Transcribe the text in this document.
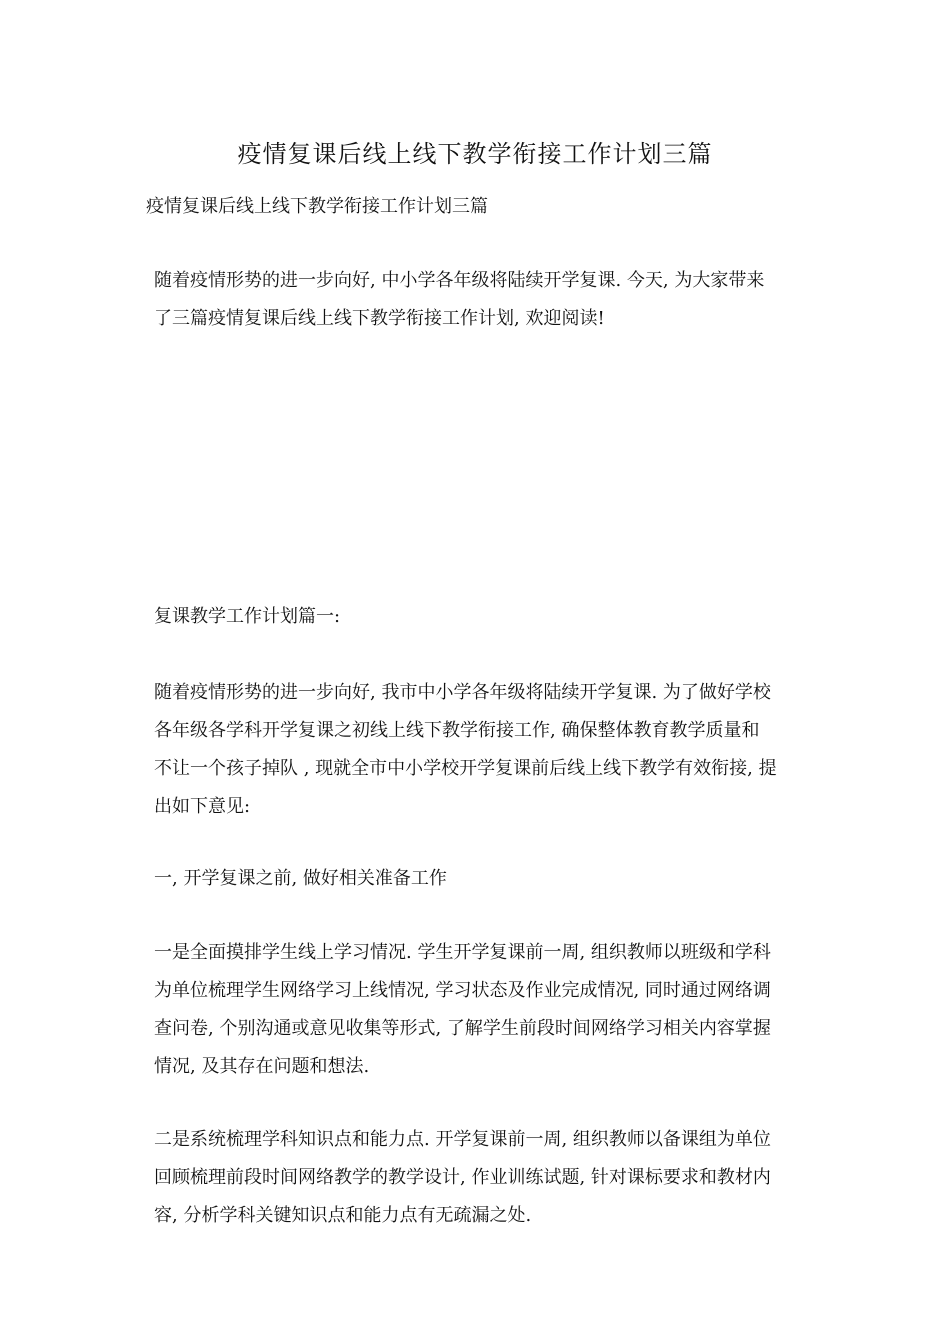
疫情复课后线上线下教学衔接工作计划三篇

疫情复课后线上线下教学衔接工作计划三篇

随着疫情形势的进一步向好, 中小学各年级将陆续开学复课. 今天, 为大家带来
了三篇疫情复课后线上线下教学衔接工作计划, 欢迎阅读!

复课教学工作计划篇一:

随着疫情形势的进一步向好, 我市中小学各年级将陆续开学复课. 为了做好学校
各年级各学科开学复课之初线上线下教学衔接工作, 确保整体教育教学质量和
不让一个孩子掉队 , 现就全市中小学校开学复课前后线上线下教学有效衔接, 提
出如下意见:

一, 开学复课之前, 做好相关准备工作

一是全面摸排学生线上学习情况. 学生开学复课前一周, 组织教师以班级和学科
为单位梳理学生网络学习上线情况, 学习状态及作业完成情况, 同时通过网络调
查问卷, 个别沟通或意见收集等形式, 了解学生前段时间网络学习相关内容掌握
情况, 及其存在问题和想法.

二是系统梳理学科知识点和能力点. 开学复课前一周, 组织教师以备课组为单位
回顾梳理前段时间网络教学的教学设计, 作业训练试题, 针对课标要求和教材内
容, 分析学科关键知识点和能力点有无疏漏之处.
